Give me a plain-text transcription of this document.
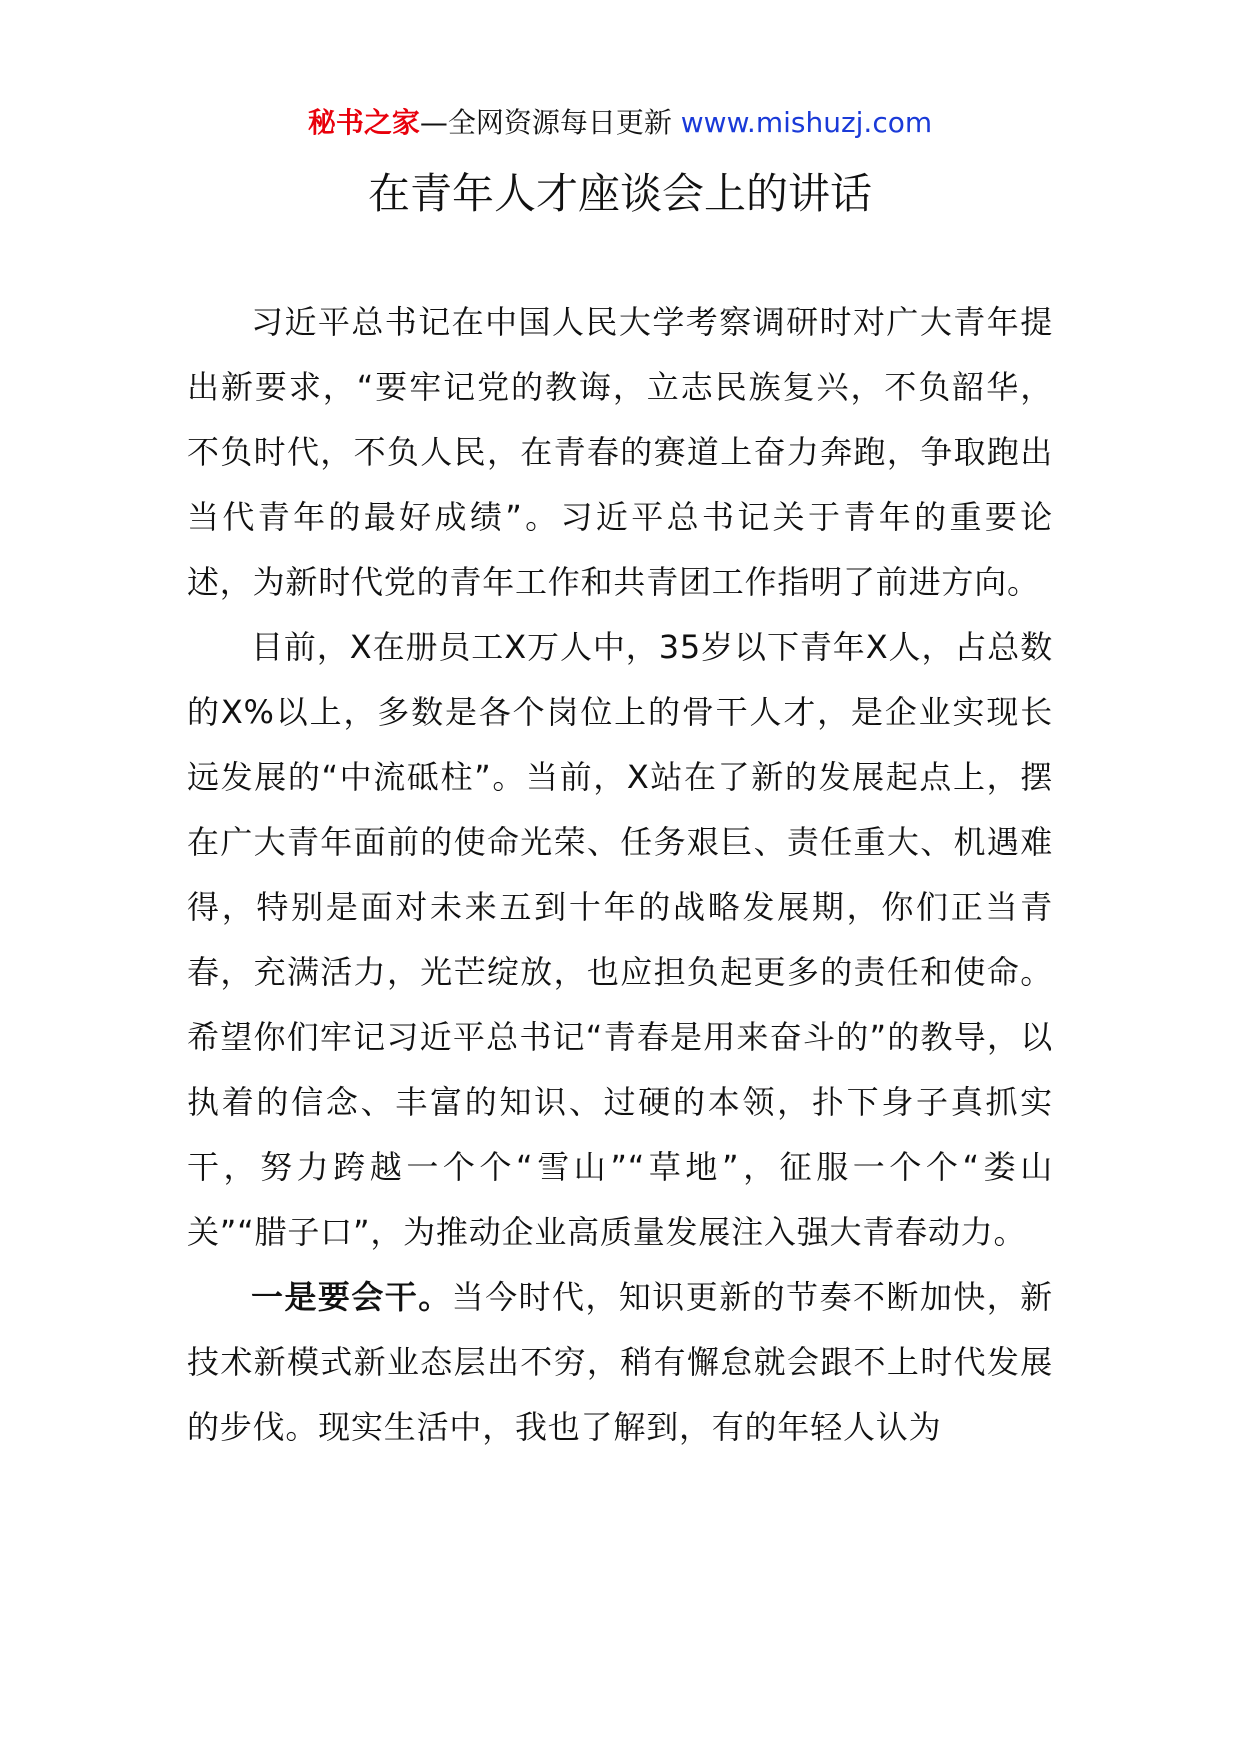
秘书之家—全网资源每日更新 www.mishuzj.com
在青年人才座谈会上的讲话

习近平总书记在中国人民大学考察调研时对广大青年提出新要求，“要牢记党的教诲，立志民族复兴，不负韶华，不负时代，不负人民，在青春的赛道上奋力奔跑，争取跑出当代青年的最好成绩”。习近平总书记关于青年的重要论述，为新时代党的青年工作和共青团工作指明了前进方向。

目前，X在册员工X万人中，35岁以下青年X人，占总数的X%以上，多数是各个岗位上的骨干人才，是企业实现长远发展的“中流砥柱”。当前，X站在了新的发展起点上，摆在广大青年面前的使命光荣、任务艰巨、责任重大、机遇难得，特别是面对未来五到十年的战略发展期，你们正当青春，充满活力，光芒绽放，也应担负起更多的责任和使命。希望你们牢记习近平总书记“青春是用来奋斗的”的教导，以执着的信念、丰富的知识、过硬的本领，扑下身子真抓实干，努力跨越一个个“雪山”“草地”，征服一个个“娄山关”“腊子口”，为推动企业高质量发展注入强大青春动力。

一是要会干。当今时代，知识更新的节奏不断加快，新技术新模式新业态层出不穷，稍有懈怠就会跟不上时代发展的步伐。现实生活中，我也了解到，有的年轻人认为
